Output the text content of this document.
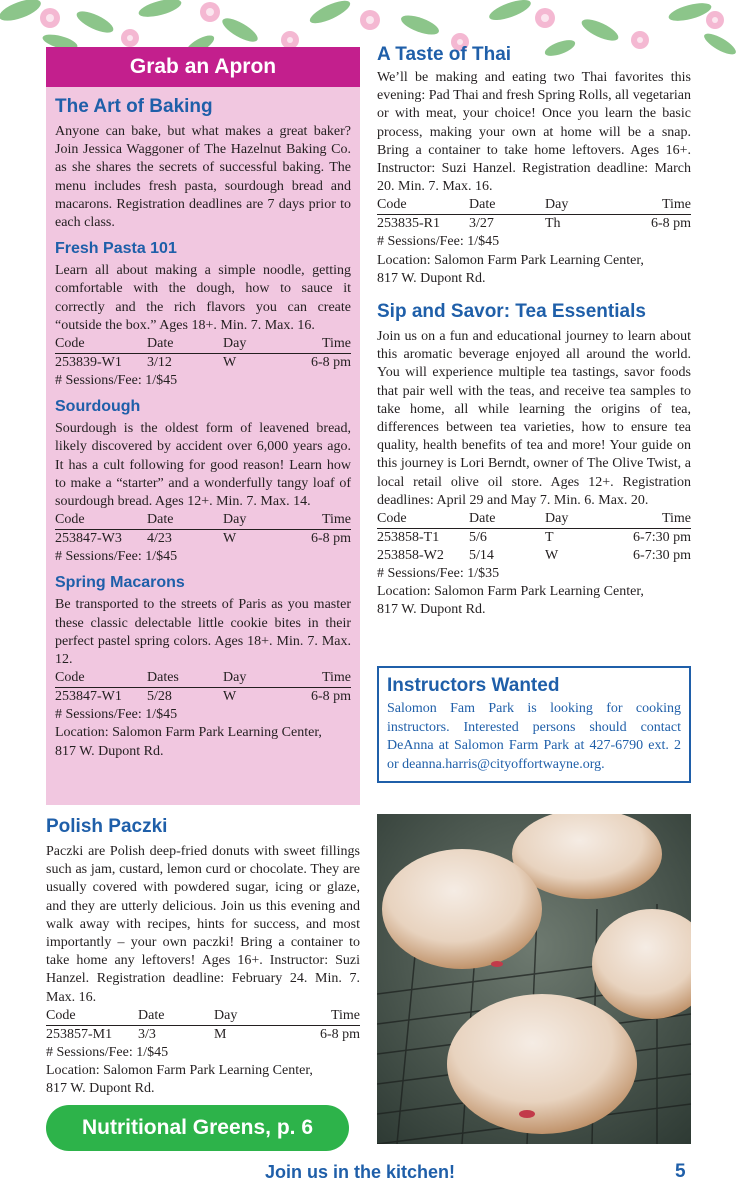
Grab an Apron
The Art of Baking

Anyone can bake, but what makes a great baker? Join Jessica Waggoner of The Hazelnut Baking Co. as she shares the secrets of successful baking. The menu includes fresh pasta, sourdough bread and macarons. Registration deadlines are 7 days prior to each class.

Fresh Pasta 101

Learn all about making a simple noodle, getting comfortable with the dough, how to sauce it correctly and the rich flavors you can create “outside the box.” Ages 18+. Min. 7. Max. 16.

Code	Date	Day	Time
253839-W1	3/12	W	6-8 pm
# Sessions/Fee: 1/$45
Sourdough

Sourdough is the oldest form of leavened bread, likely discovered by accident over 6,000 years ago. It has a cult following for good reason! Learn how to make a “starter” and a wonderfully tangy loaf of sourdough bread. Ages 12+. Min. 7. Max. 14.

Code	Date	Day	Time
253847-W3	4/23	W	6-8 pm
# Sessions/Fee: 1/$45
Spring Macarons

Be transported to the streets of Paris as you master these classic delectable little cookie bites in their perfect pastel spring colors. Ages 18+. Min. 7. Max. 12.

Code	Dates	Day	Time
253847-W1	5/28	W	6-8 pm
# Sessions/Fee: 1/$45
Location: Salomon Farm Park Learning Center,
817 W. Dupont Rd.
Polish Paczki

Paczki are Polish deep-fried donuts with sweet fillings such as jam, custard, lemon curd or chocolate. They are usually covered with powdered sugar, icing or glaze, and they are utterly delicious. Join us this evening and walk away with recipes, hints for success, and most importantly – your own paczki! Bring a container to take home any leftovers! Ages 16+. Instructor: Suzi Hanzel. Registration deadline: February 24. Min. 7. Max. 16.

Code	Date	Day	Time
253857-M1	3/3	M	6-8 pm
# Sessions/Fee: 1/$45
Location: Salomon Farm Park Learning Center,
817 W. Dupont Rd.
Nutritional Greens, p. 6
A Taste of Thai

We’ll be making and eating two Thai favorites this evening: Pad Thai and fresh Spring Rolls, all vegetarian or with meat, your choice! Once you learn the basic process, making your own at home will be a snap. Bring a container to take home leftovers. Ages 16+. Instructor: Suzi Hanzel. Registration deadline: March 20. Min. 7. Max. 16.

Code	Date	Day	Time
253835-R1	3/27	Th	6-8 pm
# Sessions/Fee: 1/$45
Location: Salomon Farm Park Learning Center,
817 W. Dupont Rd.
Sip and Savor: Tea Essentials

Join us on a fun and educational journey to learn about this aromatic beverage enjoyed all around the world. You will experience multiple tea tastings, savor foods that pair well with the teas, and receive tea samples to take home, all while learning the origins of tea, differences between tea varieties, how to ensure tea quality, health benefits of tea and more! Your guide on this journey is Lori Berndt, owner of The Olive Twist, a local retail olive oil store. Ages 12+. Registration deadlines: April 29 and May 7. Min. 6. Max. 20.

Code	Date	Day	Time
253858-T1	5/6	T	6-7:30 pm
253858-W2	5/14	W	6-7:30 pm
# Sessions/Fee: 1/$35
Location: Salomon Farm Park Learning Center,
817 W. Dupont Rd.
Instructors Wanted

Salomon Fam Park is looking for cooking instructors. Interested persons should contact DeAnna at Salomon Farm Park at 427-6790 ext. 2 or deanna.harris@cityoffortwayne.org.

Join us in the kitchen!	5
